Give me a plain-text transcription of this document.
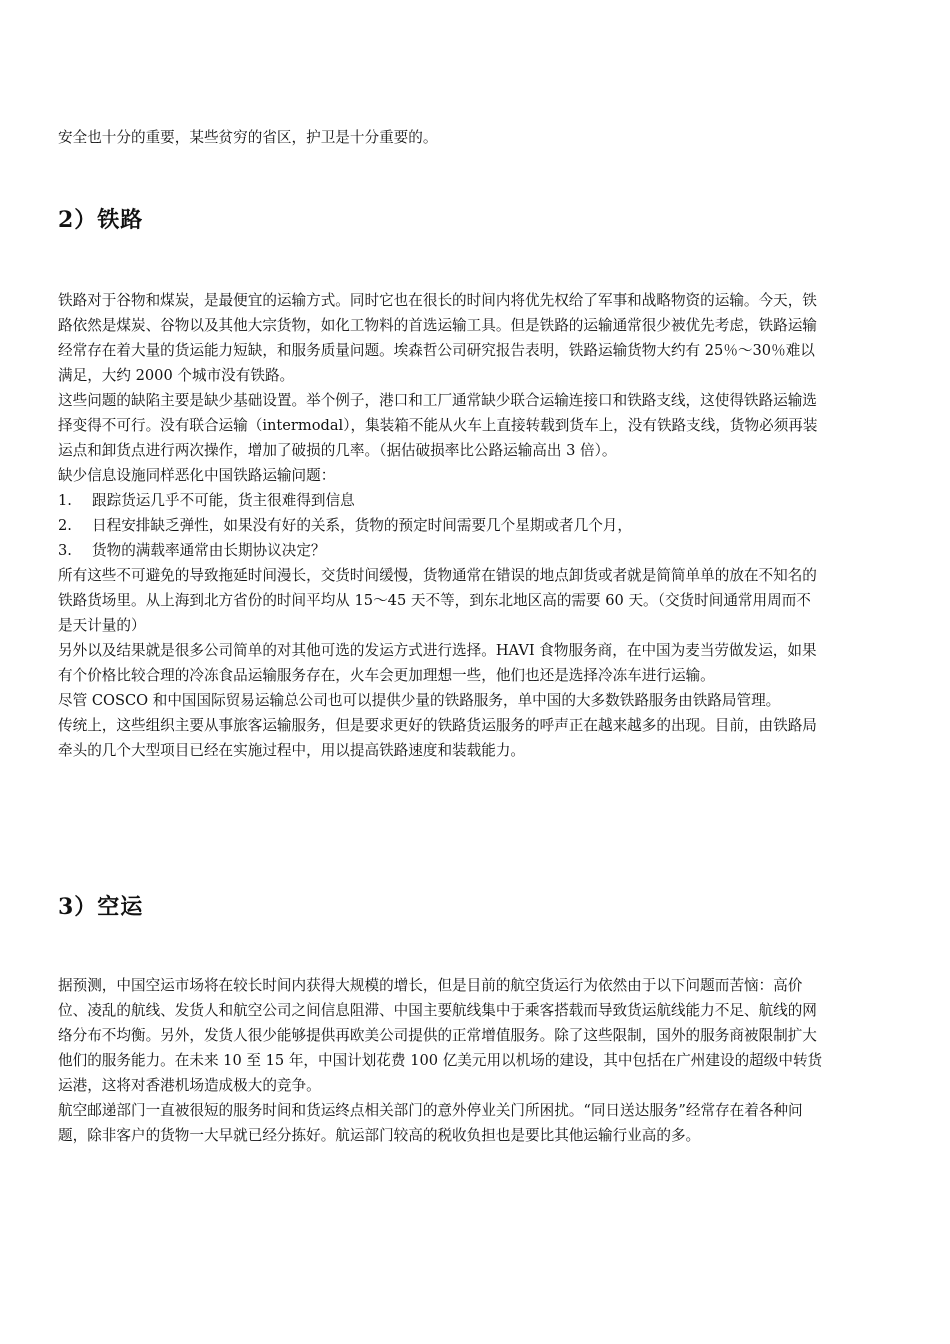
安全也十分的重要，某些贫穷的省区，护卫是十分重要的。

2）铁路

铁路对于谷物和煤炭，是最便宜的运输方式。同时它也在很长的时间内将优先权给了军事和战略物资的运输。今天，铁路依然是煤炭、谷物以及其他大宗货物，如化工物料的首选运输工具。但是铁路的运输通常很少被优先考虑，铁路运输经常存在着大量的货运能力短缺，和服务质量问题。埃森哲公司研究报告表明，铁路运输货物大约有 25％～30％难以满足，大约 2000 个城市没有铁路。

这些问题的缺陷主要是缺少基础设置。举个例子，港口和工厂通常缺少联合运输连接口和铁路支线，这使得铁路运输选择变得不可行。没有联合运输（intermodal），集装箱不能从火车上直接转载到货车上，没有铁路支线，货物必须再装运点和卸货点进行两次操作，增加了破损的几率。（据估破损率比公路运输高出 3 倍）。

缺少信息设施同样恶化中国铁路运输问题：

1.	跟踪货运几乎不可能，货主很难得到信息
2.	日程安排缺乏弹性，如果没有好的关系，货物的预定时间需要几个星期或者几个月，
3.	货物的满载率通常由长期协议决定？

所有这些不可避免的导致拖延时间漫长，交货时间缓慢，货物通常在错误的地点卸货或者就是简简单单的放在不知名的铁路货场里。从上海到北方省份的时间平均从 15～45 天不等，到东北地区高的需要 60 天。（交货时间通常用周而不是天计量的）

另外以及结果就是很多公司简单的对其他可选的发运方式进行选择。HAVI 食物服务商，在中国为麦当劳做发运，如果有个价格比较合理的冷冻食品运输服务存在，火车会更加理想一些，他们也还是选择冷冻车进行运输。

尽管 COSCO 和中国国际贸易运输总公司也可以提供少量的铁路服务，单中国的大多数铁路服务由铁路局管理。

传统上，这些组织主要从事旅客运输服务，但是要求更好的铁路货运服务的呼声正在越来越多的出现。目前，由铁路局牵头的几个大型项目已经在实施过程中，用以提高铁路速度和装载能力。

3）空运

据预测，中国空运市场将在较长时间内获得大规模的增长，但是目前的航空货运行为依然由于以下问题而苦恼：高价位、凌乱的航线、发货人和航空公司之间信息阻滞、中国主要航线集中于乘客搭载而导致货运航线能力不足、航线的网络分布不均衡。另外，发货人很少能够提供再欧美公司提供的正常增值服务。除了这些限制，国外的服务商被限制扩大他们的服务能力。在未来 10 至 15 年，中国计划花费 100 亿美元用以机场的建设，其中包括在广州建设的超级中转货运港，这将对香港机场造成极大的竞争。

航空邮递部门一直被很短的服务时间和货运终点相关部门的意外停业关门所困扰。“同日送达服务”经常存在着各种问题，除非客户的货物一大早就已经分拣好。航运部门较高的税收负担也是要比其他运输行业高的多。
